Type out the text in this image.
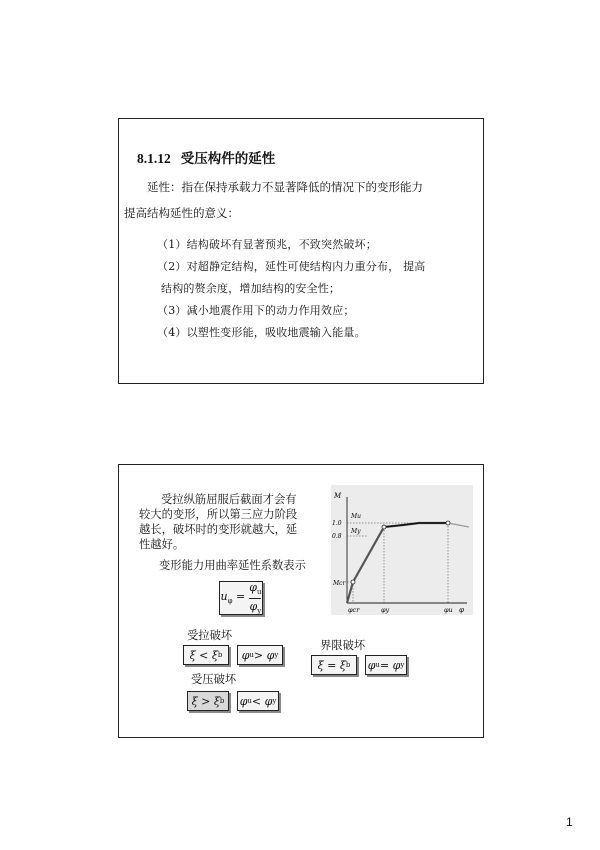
8.1.12 受压构件的延性
延性：指在保持承载力不显著降低的情况下的变形能力
提高结构延性的意义：
（1）结构破坏有显著预兆，不致突然破坏；
（2）对超静定结构，延性可使结构内力重分布， 提高
结构的赘余度，增加结构的安全性；
（3）减小地震作用下的动力作用效应；
（4）以塑性变形能，吸收地震输入能量。
受拉纵筋屈服后截面才会有
较大的变形，所以第三应力阶段
越长，破坏时的变形就越大，延
性越好。
变形能力用曲率延性系数表示
$u_\varphi = \frac{\varphi_u}{\varphi_y}$
受拉破坏
ξ < ξ b	φ u > φ y
受压破坏
ξ > ξ b φ u < φ y
界限破坏
ξ = ξ b φ u = φ y
M
φ
1.0
0.8
Mu
My
Mcr
φcr	φy	φu
1
